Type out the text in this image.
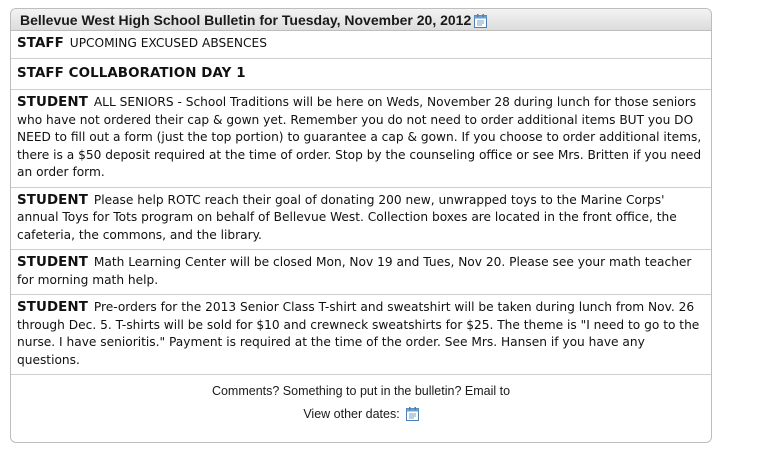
Bellevue West High School Bulletin for Tuesday, November 20, 2012
STAFF UPCOMING EXCUSED ABSENCES
STAFF COLLABORATION DAY 1
STUDENT ALL SENIORS - School Traditions will be here on Weds, November 28 during lunch for those seniors who have not ordered their cap & gown yet. Remember you do not need to order additional items BUT you DO NEED to fill out a form (just the top portion) to guarantee a cap & gown. If you choose to order additional items, there is a $50 deposit required at the time of order. Stop by the counseling office or see Mrs. Britten if you need an order form.
STUDENT Please help ROTC reach their goal of donating 200 new, unwrapped toys to the Marine Corps' annual Toys for Tots program on behalf of Bellevue West. Collection boxes are located in the front office, the cafeteria, the commons, and the library.
STUDENT Math Learning Center will be closed Mon, Nov 19 and Tues, Nov 20. Please see your math teacher for morning math help.
STUDENT Pre-orders for the 2013 Senior Class T-shirt and sweatshirt will be taken during lunch from Nov. 26 through Dec. 5. T-shirts will be sold for $10 and crewneck sweatshirts for $25. The theme is "I need to go to the nurse. I have senioritis." Payment is required at the time of the order. See Mrs. Hansen if you have any questions.
Comments? Something to put in the bulletin? Email to
View other dates:
